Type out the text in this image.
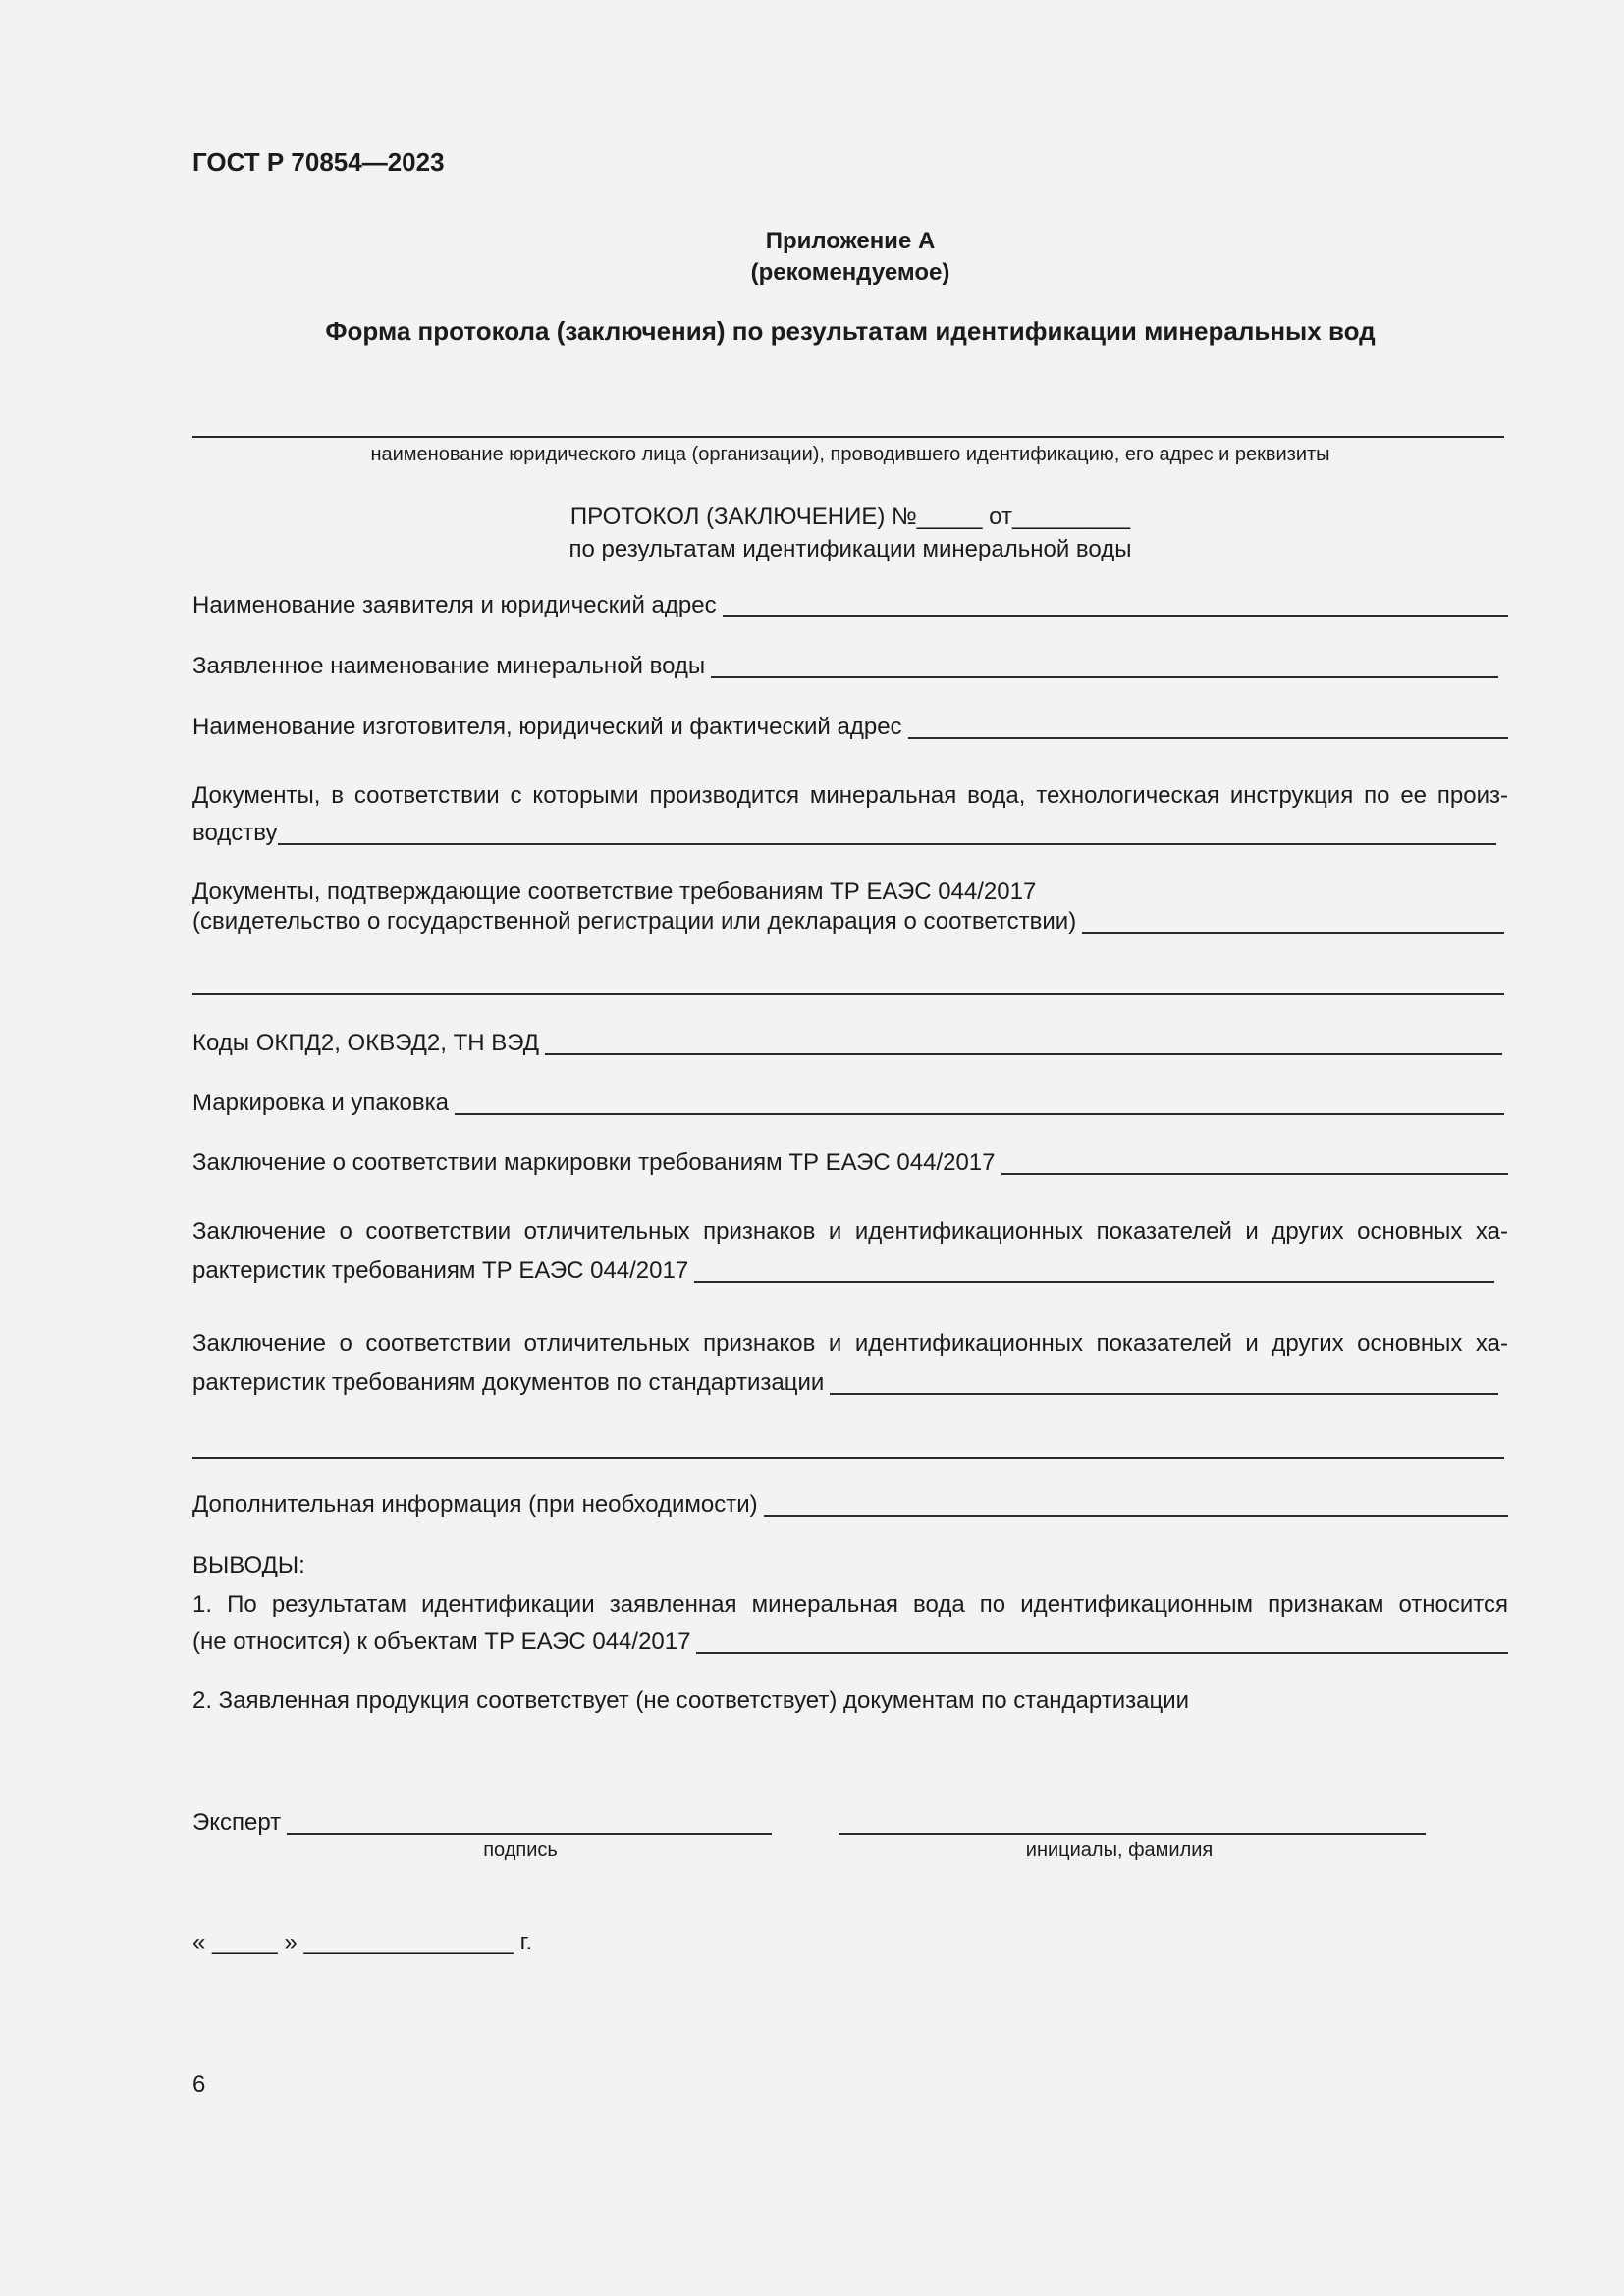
ГОСТ Р 70854—2023
Приложение А
(рекомендуемое)
Форма протокола (заключения) по результатам идентификации минеральных вод
наименование юридического лица (организации), проводившего идентификацию, его адрес и реквизиты
ПРОТОКОЛ (ЗАКЛЮЧЕНИЕ) №_____ от_________
по результатам идентификации минеральной воды
Наименование заявителя и юридический адрес
Заявленное наименование минеральной воды
Наименование изготовителя, юридический и фактический адрес
Документы, в соответствии с которыми производится минеральная вода, технологическая инструкция по ее произ-
водству
Документы, подтверждающие соответствие требованиям ТР ЕАЭС 044/2017
(свидетельство о государственной регистрации или декларация о соответствии)
Коды ОКПД2, ОКВЭД2, ТН ВЭД
Маркировка и упаковка
Заключение о соответствии маркировки требованиям ТР ЕАЭС 044/2017
Заключение о соответствии отличительных признаков и идентификационных показателей и других основных ха-
рактеристик требованиям ТР ЕАЭС 044/2017
Заключение о соответствии отличительных признаков и идентификационных показателей и других основных ха-
рактеристик требованиям документов по стандартизации
Дополнительная информация (при необходимости)
ВЫВОДЫ:
1. По результатам идентификации заявленная минеральная вода по идентификационным признакам относится
(не относится) к объектам ТР ЕАЭС 044/2017
2. Заявленная продукция соответствует (не соответствует) документам по стандартизации
Эксперт
подпись	инициалы, фамилия
« _____ » ________________ г.
6
